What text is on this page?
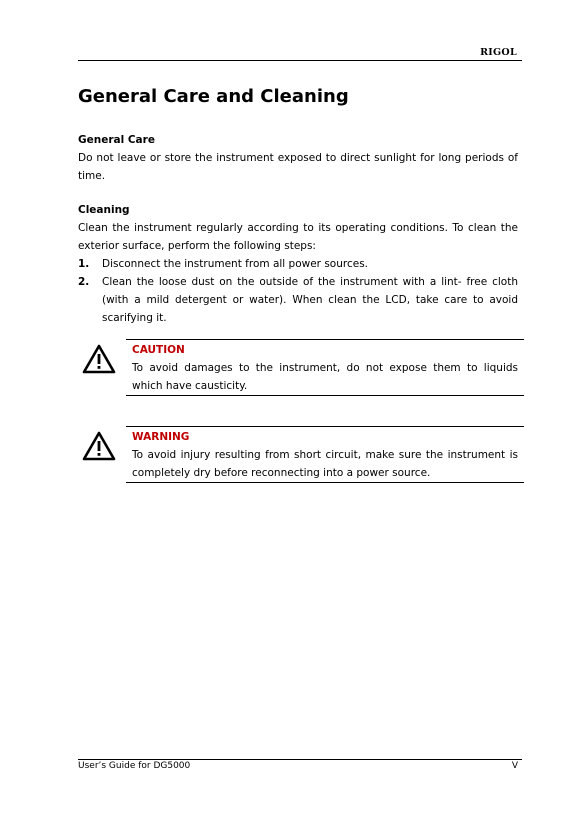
RIGOL
General Care and Cleaning
General Care
Do not leave or store the instrument exposed to direct sunlight for long periods of time.
Cleaning
Clean the instrument regularly according to its operating conditions. To clean the exterior surface, perform the following steps:
1.	Disconnect the instrument from all power sources.
2.	Clean the loose dust on the outside of the instrument with a lint- free cloth (with a mild detergent or water). When clean the LCD, take care to avoid scarifying it.
CAUTION
To avoid damages to the instrument, do not expose them to liquids which have causticity.
WARNING
To avoid injury resulting from short circuit, make sure the instrument is completely dry before reconnecting into a power source.
User’s Guide for DG5000	V
